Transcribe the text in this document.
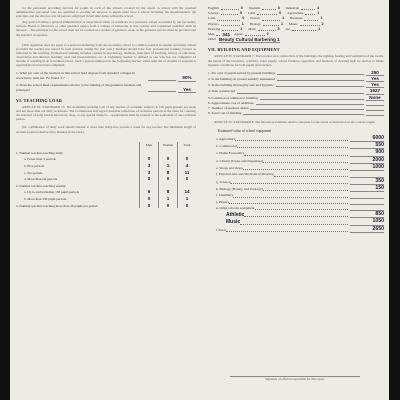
for the personnel providing services for pupils in each of the schools covered by the report. A school with the required administrative personnel who are qualified to provide all services to pupils must have a school including the superintendent, the principal, and the director, and all persons employed in full time duties within the school.

Any person holding a general administrative or supervision status of certificate in a particular school accredited by the Secondary Schools Board or Director's or other guidance expert from a college or university in this country and considered qualified shall be allowed ... The principal for the school shall not be counted as a student of guidance work, as the guidance service must be provided and the standard recognized.

(This regulation does not apply to a person transferring from one secondary school to a similar position in another secondary school provided the teacher has served in such position during the past year.) Teachers should have four professional training courses as indicated in the teaching. Professional training includes courses in psychology, methods, principles of teaching, history of education, observation and directed teaching, tests and measurements, etc. A 'beginning teacher' is defined as one who has not completed 12 months of teaching in an accredited school. Such a person employed in the 'beginning teacher' status until the 12 months of experience required above have been completed.

1. What per cent of the teachers in this school hold degrees from standard colleges in accordance with Art. IV, Stand. 9 ?	90%
2. Does the school meet requirements relative to the training of the guidance teachers and principal?	Yes
VI. TEACHING LOAD

ARTICLE IX, STANDARD 13. The maximum teaching load of any teacher of academic subjects is 150 pupil-periods per week and not more than six daily recitations. The Commission will regard desirable reductions of recitation periods in the table for counting the standard of daily load in laboratory, shop, or any special subject's... requirements shall be counted as the equivalent of one recitation period.

(No combination of daily work should amount to more than thirty-five periods a week for any teacher. The minimum length of recitation period shall be forty minutes in the clear.)

	Men	Women	Total
1. Number teachers teaching daily:			
a. Fewer than 5 periods	0	0	0
b. Five periods	3	1	4
c. Six periods	3	8	11
d. More than six periods	0	0	0
2. Number teachers teaching weekly:			
a. Up to and including 150 pupil-periods	6	8	14
b. More than 150 pupil-periods	0	1	1
3. Number teachers teaching more than 40 pupils per period	0	0	0
English	3 Spanish	3 Industrial	4
Science	5 Latin	0 Agriculture	1
Latin	0 French	1 Business	1
Physics	1 Biology	1 Music	2
Drawing	1 Math	5 Art	1
Men 341 Agent	0
Other Beauty Cultural Barbering 1
VII. BUILDING AND EQUIPMENT

ARTICLE IV, STANDARD 7. The location and construction of the buildings, the lighting, heating and ventilation of the rooms, the nature of the lavatories, corridors, water supply, school furniture, apparatus, and methods of cleaning shall be such as to insure hygienic conditions for both pupils and teachers.

1. Per cent of pupils served by present buildings	250
2. Is the building on ground suitably maintained	Yes
3. In the building thoroughly safe and hygienic	Yes
4. Date constructed	1927
5. Condition of addition to building	None
6. Approximate cost of additions
7. Number of teachers added
8. Total cost of building

ARTICLE IV, STANDARD 8. The laboratory facilities shall be adequate for the needs of instruction in the courses taught.

Estimated value of school equipment
a. Agriculture	6000
b. Commercial	550
c. Home Economics	900
d. Library (books and magazines)	2000
e. Shops and shops	1000
f. Physical Arts and Mechanical Drawing
g. Science	350
h. Biology (Botany and Zoology)	150
i. Chemistry
j. Physics
k. Other schools equipment
Athletic	850
Music	1050
l. Total	2650
Signature of official responsible for this report.
